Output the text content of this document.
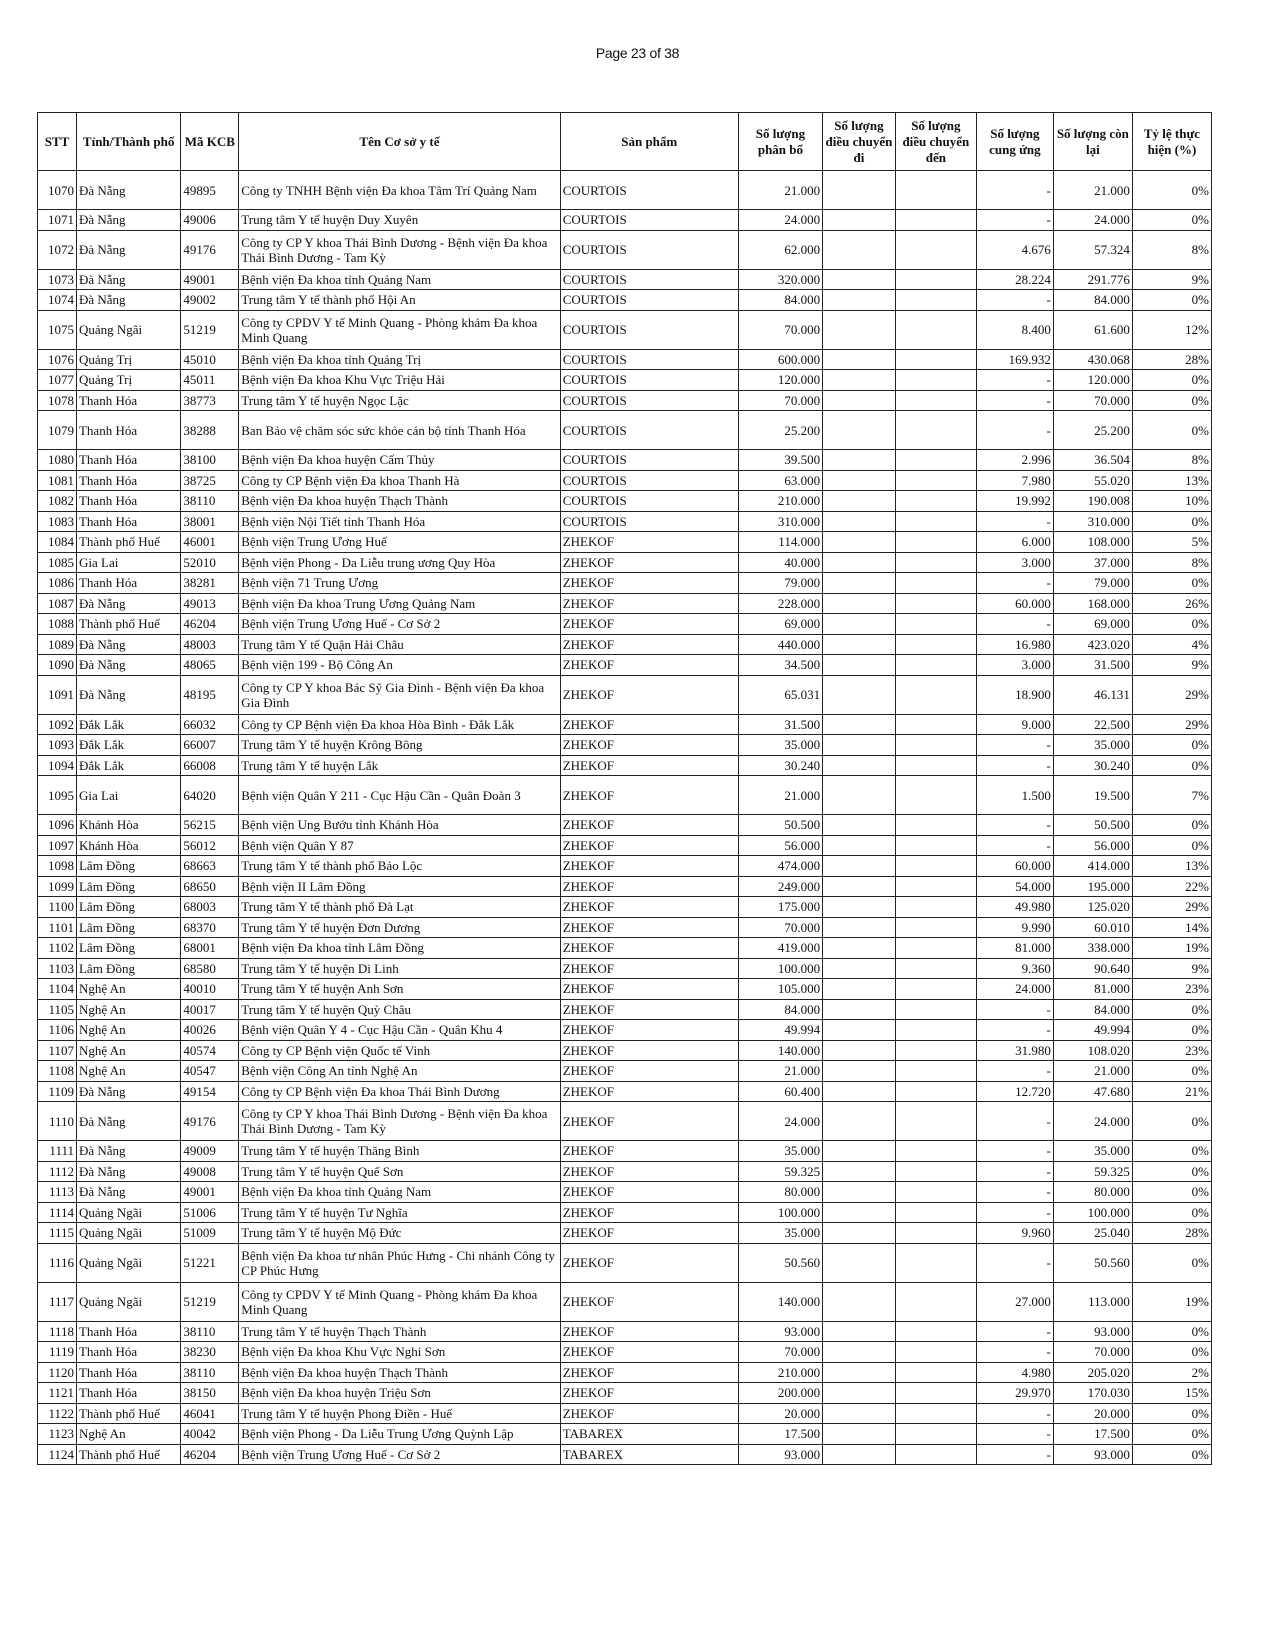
Page 23 of 38
STT	Tỉnh/Thành phố	Mã KCB	Tên Cơ sở y tế	Sản phẩm	Số lượng phân bổ	Số lượng điều chuyển đi	Số lượng điều chuyển đến	Số lượng cung ứng	Số lượng còn lại	Tỷ lệ thực hiện (%)
1070	Đà Nẵng	49895	Công ty TNHH Bệnh viện Đa khoa Tâm Trí Quảng Nam	COURTOIS	21.000			-	21.000	0%
1071	Đà Nẵng	49006	Trung tâm Y tế huyện Duy Xuyên	COURTOIS	24.000			-	24.000	0%
1072	Đà Nẵng	49176	Công ty CP Y khoa Thái Bình Dương - Bệnh viện Đa khoa Thái Bình Dương - Tam Kỳ	COURTOIS	62.000			4.676	57.324	8%
1073	Đà Nẵng	49001	Bệnh viện Đa khoa tỉnh Quảng Nam	COURTOIS	320.000			28.224	291.776	9%
1074	Đà Nẵng	49002	Trung tâm Y tế thành phố Hội An	COURTOIS	84.000			-	84.000	0%
1075	Quảng Ngãi	51219	Công ty CPDV Y tế Minh Quang - Phòng khám Đa khoa Minh Quang	COURTOIS	70.000			8.400	61.600	12%
1076	Quảng Trị	45010	Bệnh viện Đa khoa tỉnh Quảng Trị	COURTOIS	600.000			169.932	430.068	28%
1077	Quảng Trị	45011	Bệnh viện Đa khoa Khu Vực Triệu Hải	COURTOIS	120.000			-	120.000	0%
1078	Thanh Hóa	38773	Trung tâm Y tế huyện Ngọc Lặc	COURTOIS	70.000			-	70.000	0%
1079	Thanh Hóa	38288	Ban Bảo vệ chăm sóc sức khỏe cán bộ tỉnh Thanh Hóa	COURTOIS	25.200			-	25.200	0%
1080	Thanh Hóa	38100	Bệnh viện Đa khoa huyện Cẩm Thủy	COURTOIS	39.500			2.996	36.504	8%
1081	Thanh Hóa	38725	Công ty CP Bệnh viện Đa khoa Thanh Hà	COURTOIS	63.000			7.980	55.020	13%
1082	Thanh Hóa	38110	Bệnh viện Đa khoa huyện Thạch Thành	COURTOIS	210.000			19.992	190.008	10%
1083	Thanh Hóa	38001	Bệnh viện Nội Tiết tỉnh Thanh Hóa	COURTOIS	310.000			-	310.000	0%
1084	Thành phố Huế	46001	Bệnh viện Trung Ương Huế	ZHEKOF	114.000			6.000	108.000	5%
1085	Gia Lai	52010	Bệnh viện Phong - Da Liễu trung ương Quy Hòa	ZHEKOF	40.000			3.000	37.000	8%
1086	Thanh Hóa	38281	Bệnh viện 71 Trung Ương	ZHEKOF	79.000			-	79.000	0%
1087	Đà Nẵng	49013	Bệnh viện Đa khoa Trung Ương Quảng Nam	ZHEKOF	228.000			60.000	168.000	26%
1088	Thành phố Huế	46204	Bệnh viện Trung Ương Huế - Cơ Sở 2	ZHEKOF	69.000			-	69.000	0%
1089	Đà Nẵng	48003	Trung tâm Y tế Quận Hải Châu	ZHEKOF	440.000			16.980	423.020	4%
1090	Đà Nẵng	48065	Bệnh viện 199 - Bộ Công An	ZHEKOF	34.500			3.000	31.500	9%
1091	Đà Nẵng	48195	Công ty CP Y khoa Bác Sỹ Gia Đình - Bệnh viện Đa khoa Gia Đình	ZHEKOF	65.031			18.900	46.131	29%
1092	Đắk Lắk	66032	Công ty CP Bệnh viện Đa khoa Hòa Bình - Đắk Lắk	ZHEKOF	31.500			9.000	22.500	29%
1093	Đắk Lắk	66007	Trung tâm Y tế huyện Krông Bông	ZHEKOF	35.000			-	35.000	0%
1094	Đắk Lắk	66008	Trung tâm Y tế huyện Lắk	ZHEKOF	30.240			-	30.240	0%
1095	Gia Lai	64020	Bệnh viện Quân Y 211 - Cục Hậu Cần - Quân Đoàn 3	ZHEKOF	21.000			1.500	19.500	7%
1096	Khánh Hòa	56215	Bệnh viện Ung Bướu tỉnh Khánh Hòa	ZHEKOF	50.500			-	50.500	0%
1097	Khánh Hòa	56012	Bệnh viện Quân Y 87	ZHEKOF	56.000			-	56.000	0%
1098	Lâm Đồng	68663	Trung tâm Y tế thành phố Bảo Lộc	ZHEKOF	474.000			60.000	414.000	13%
1099	Lâm Đồng	68650	Bệnh viện II Lâm Đồng	ZHEKOF	249.000			54.000	195.000	22%
1100	Lâm Đồng	68003	Trung tâm Y tế thành phố Đà Lạt	ZHEKOF	175.000			49.980	125.020	29%
1101	Lâm Đồng	68370	Trung tâm Y tế huyện Đơn Dương	ZHEKOF	70.000			9.990	60.010	14%
1102	Lâm Đồng	68001	Bệnh viện Đa khoa tỉnh Lâm Đồng	ZHEKOF	419.000			81.000	338.000	19%
1103	Lâm Đồng	68580	Trung tâm Y tế huyện Di Linh	ZHEKOF	100.000			9.360	90.640	9%
1104	Nghệ An	40010	Trung tâm Y tế huyện Anh Sơn	ZHEKOF	105.000			24.000	81.000	23%
1105	Nghệ An	40017	Trung tâm Y tế huyện Quỳ Châu	ZHEKOF	84.000			-	84.000	0%
1106	Nghệ An	40026	Bệnh viện Quân Y 4 - Cục Hậu Cần - Quân Khu 4	ZHEKOF	49.994			-	49.994	0%
1107	Nghệ An	40574	Công ty CP Bệnh viện Quốc tế Vinh	ZHEKOF	140.000			31.980	108.020	23%
1108	Nghệ An	40547	Bệnh viện Công An tỉnh Nghệ An	ZHEKOF	21.000			-	21.000	0%
1109	Đà Nẵng	49154	Công ty CP Bệnh viện Đa khoa Thái Bình Dương	ZHEKOF	60.400			12.720	47.680	21%
1110	Đà Nẵng	49176	Công ty CP Y khoa Thái Bình Dương - Bệnh viện Đa khoa Thái Bình Dương - Tam Kỳ	ZHEKOF	24.000			-	24.000	0%
1111	Đà Nẵng	49009	Trung tâm Y tế huyện Thăng Bình	ZHEKOF	35.000			-	35.000	0%
1112	Đà Nẵng	49008	Trung tâm Y tế huyện Quế Sơn	ZHEKOF	59.325			-	59.325	0%
1113	Đà Nẵng	49001	Bệnh viện Đa khoa tỉnh Quảng Nam	ZHEKOF	80.000			-	80.000	0%
1114	Quảng Ngãi	51006	Trung tâm Y tế huyện Tư Nghĩa	ZHEKOF	100.000			-	100.000	0%
1115	Quảng Ngãi	51009	Trung tâm Y tế huyện Mộ Đức	ZHEKOF	35.000			9.960	25.040	28%
1116	Quảng Ngãi	51221	Bệnh viện Đa khoa tư nhân Phúc Hưng - Chi nhánh Công ty CP Phúc Hưng	ZHEKOF	50.560			-	50.560	0%
1117	Quảng Ngãi	51219	Công ty CPDV Y tế Minh Quang - Phòng khám Đa khoa Minh Quang	ZHEKOF	140.000			27.000	113.000	19%
1118	Thanh Hóa	38110	Trung tâm Y tế huyện Thạch Thành	ZHEKOF	93.000			-	93.000	0%
1119	Thanh Hóa	38230	Bệnh viện Đa khoa Khu Vực Nghi Sơn	ZHEKOF	70.000			-	70.000	0%
1120	Thanh Hóa	38110	Bệnh viện Đa khoa huyện Thạch Thành	ZHEKOF	210.000			4.980	205.020	2%
1121	Thanh Hóa	38150	Bệnh viện Đa khoa huyện Triệu Sơn	ZHEKOF	200.000			29.970	170.030	15%
1122	Thành phố Huế	46041	Trung tâm Y tế huyện Phong Điền - Huế	ZHEKOF	20.000			-	20.000	0%
1123	Nghệ An	40042	Bệnh viện Phong - Da Liễu Trung Ương Quỳnh Lập	TABAREX	17.500			-	17.500	0%
1124	Thành phố Huế	46204	Bệnh viện Trung Ương Huế - Cơ Sở 2	TABAREX	93.000			-	93.000	0%
